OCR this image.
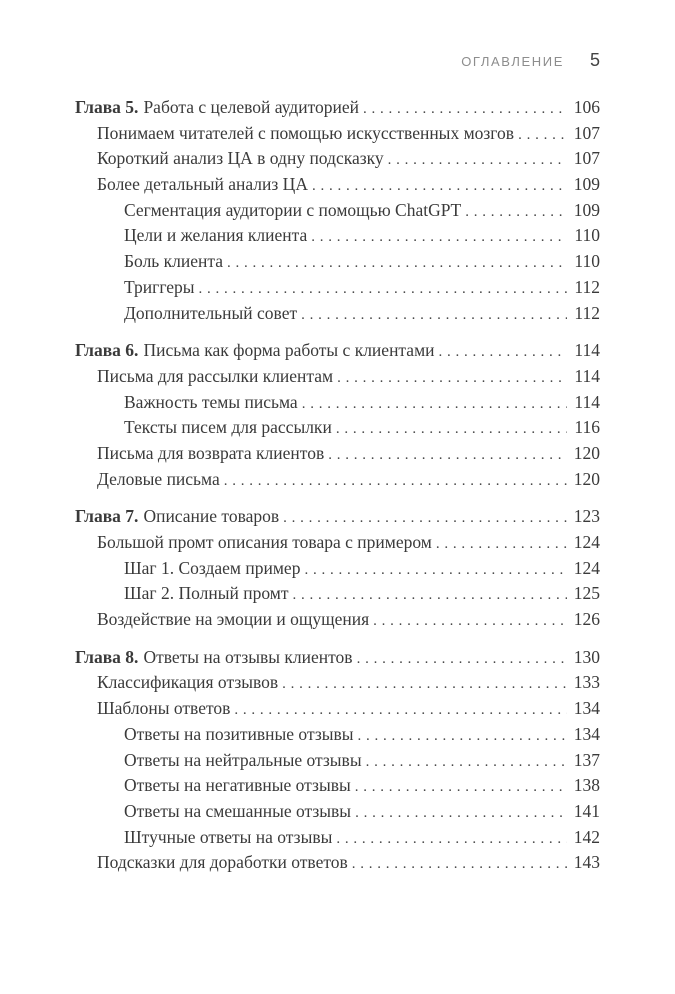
ОГЛАВЛЕНИЕ 5
Глава 5. Работа с целевой аудиторией . . .	106
Понимаем читателей с помощью искусственных мозгов . . .	107
Короткий анализ ЦА в одну подсказку . . .	107
Более детальный анализ ЦА . . .	109
Сегментация аудитории с помощью ChatGPT . . .	109
Цели и желания клиента . . .	110
Боль клиента . . .	110
Триггеры . . .	112
Дополнительный совет . . .	112
Глава 6. Письма как форма работы с клиентами . . .	114
Письма для рассылки клиентам . . .	114
Важность темы письма . . .	114
Тексты писем для рассылки . . .	116
Письма для возврата клиентов . . .	120
Деловые письма . . .	120
Глава 7. Описание товаров . . .	123
Большой промт описания товара с примером . . .	124
Шаг 1. Создаем пример . . .	124
Шаг 2. Полный промт . . .	125
Воздействие на эмоции и ощущения . . .	126
Глава 8. Ответы на отзывы клиентов . . .	130
Классификация отзывов . . .	133
Шаблоны ответов . . .	134
Ответы на позитивные отзывы . . .	134
Ответы на нейтральные отзывы . . .	137
Ответы на негативные отзывы . . .	138
Ответы на смешанные отзывы . . .	141
Штучные ответы на отзывы . . .	142
Подсказки для доработки ответов . . .	143
